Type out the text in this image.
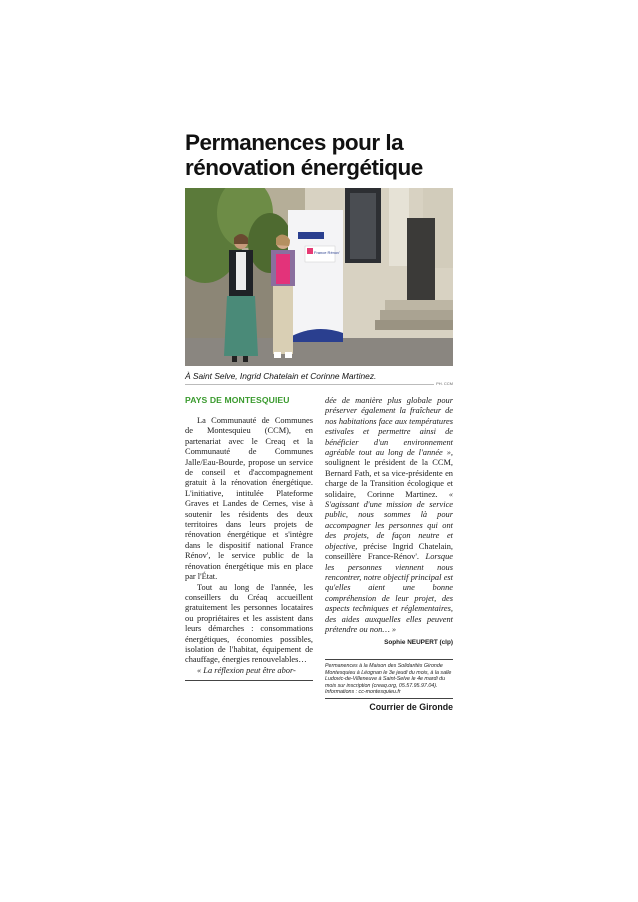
Permanences pour la
rénovation énergétique
France Rénov'
À Saint Selve, Ingrid Chatelain et Corinne Martinez.
PH. CCM
PAYS DE MONTESQUIEU

La Communauté de Communes de Montesquieu (CCM), en partenariat avec le Creaq et la Communauté de Communes Jalle/Eau-Bourde, propose un service de conseil et d'accompagnement gratuit à la rénovation énergétique. L'initiative, intitulée Plateforme Graves et Landes de Cernes, vise à soutenir les résidents des deux territoires dans leurs projets de rénovation énergétique et s'intègre dans le dispositif national France Rénov', le service public de la rénovation énergétique mis en place par l'État.

Tout au long de l'année, les conseillers du Créaq accueillent gratuitement les personnes locataires ou propriétaires et les assistent dans leurs démarches : consommations énergétiques, économies possibles, isolation de l'habitat, équipement de chauffage, énergies renouvelables…

« La réflexion peut être abor-

dée de manière plus globale pour préserver également la fraîcheur de nos habitations face aux températures estivales et permettre ainsi de bénéficier d'un environnement agréable tout au long de l'année », soulignent le président de la CCM, Bernard Fath, et sa vice-présidente en charge de la Transition écologique et solidaire, Corinne Martinez. « S'agissant d'une mission de service public, nous sommes là pour accompagner les personnes qui ont des projets, de façon neutre et objective, précise Ingrid Chatelain, conseillère France-Rénov'. Lorsque les personnes viennent nous rencontrer, notre objectif principal est qu'elles aient une bonne compréhension de leur projet, des aspects techniques et réglementaires, des aides auxquelles elles peuvent prétendre ou non… »

Sophie NEUPERT (clp)
Permanences à la Maison des Solidarités Gironde Montesquieu à Léognan le 3e jeudi du mois, à la salle Ludovic-de-Villeneuve à Saint-Selve le 4e mardi du mois sur inscription (creaq.org, 05.57.95.97.04). Informations : cc-montesquieu.fr
Courrier de Gironde
